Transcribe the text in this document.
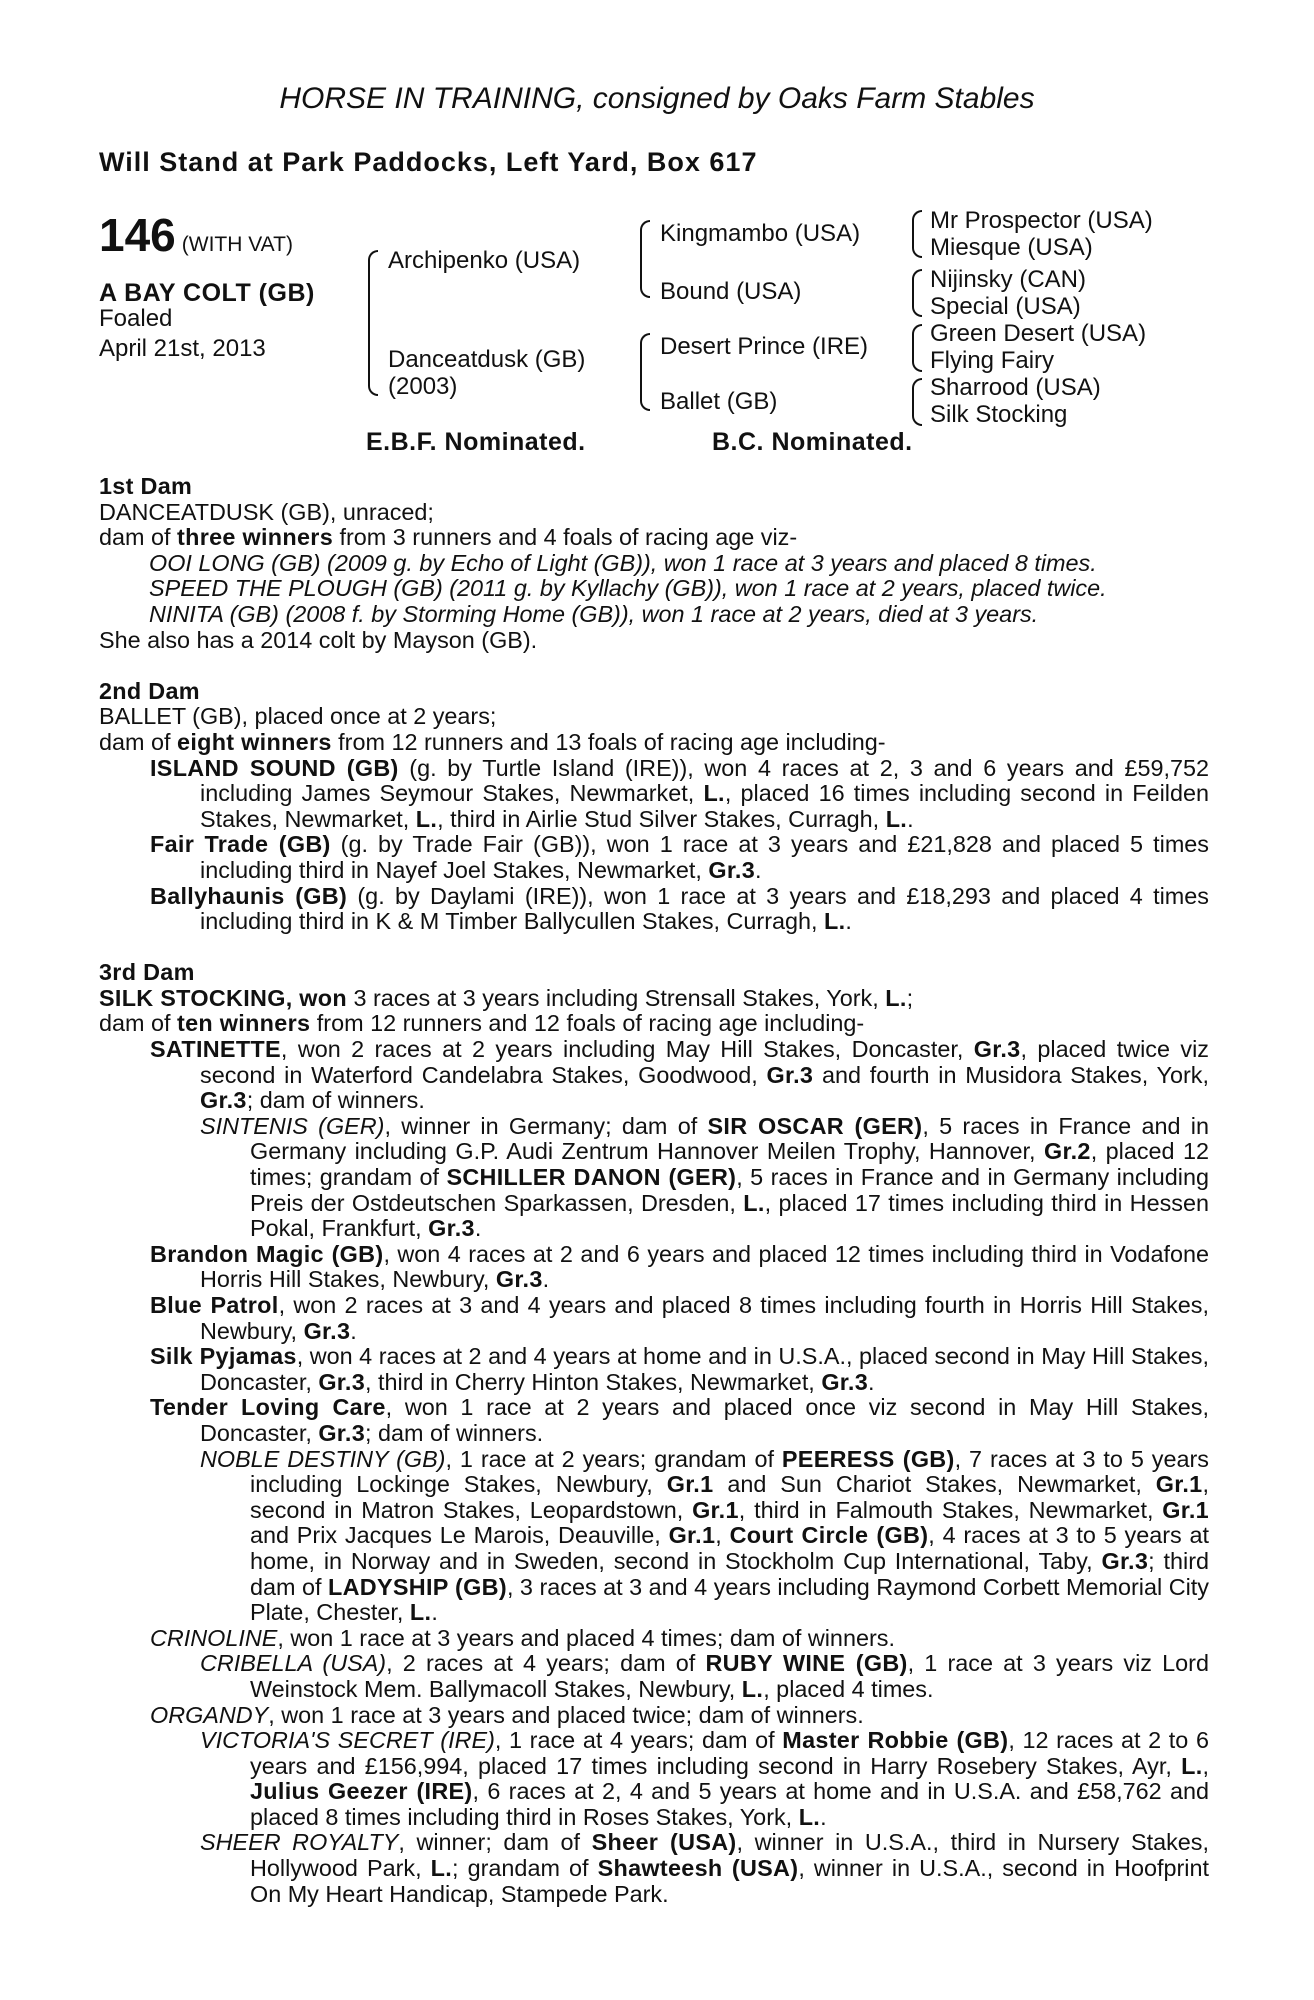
HORSE IN TRAINING, consigned by Oaks Farm Stables
Will Stand at Park Paddocks, Left Yard, Box 617
146 (WITH VAT)
A BAY COLT (GB)
Foaled
April 21st, 2013
Archipenko (USA)
Danceatdusk (GB)
(2003)
Kingmambo (USA)
Bound (USA)
Desert Prince (IRE)
Ballet (GB)
Mr Prospector (USA)
Miesque (USA)
Nijinsky (CAN)
Special (USA)
Green Desert (USA)
Flying Fairy
Sharrood (USA)
Silk Stocking
E.B.F. Nominated.	B.C. Nominated.

1st Dam

DANCEATDUSK (GB), unraced;

dam of three winners from 3 runners and 4 foals of racing age viz-

OOI LONG (GB) (2009 g. by Echo of Light (GB)), won 1 race at 3 years and placed 8 times.

SPEED THE PLOUGH (GB) (2011 g. by Kyllachy (GB)), won 1 race at 2 years, placed twice.

NINITA (GB) (2008 f. by Storming Home (GB)), won 1 race at 2 years, died at 3 years.

She also has a 2014 colt by Mayson (GB).

2nd Dam

BALLET (GB), placed once at 2 years;

dam of eight winners from 12 runners and 13 foals of racing age including-

ISLAND SOUND (GB) (g. by Turtle Island (IRE)), won 4 races at 2, 3 and 6 years and £59,752 including James Seymour Stakes, Newmarket, L., placed 16 times including second in Feilden Stakes, Newmarket, L., third in Airlie Stud Silver Stakes, Curragh, L..

Fair Trade (GB) (g. by Trade Fair (GB)), won 1 race at 3 years and £21,828 and placed 5 times including third in Nayef Joel Stakes, Newmarket, Gr.3.

Ballyhaunis (GB) (g. by Daylami (IRE)), won 1 race at 3 years and £18,293 and placed 4 times including third in K & M Timber Ballycullen Stakes, Curragh, L..

3rd Dam

SILK STOCKING, won 3 races at 3 years including Strensall Stakes, York, L.;

dam of ten winners from 12 runners and 12 foals of racing age including-

SATINETTE, won 2 races at 2 years including May Hill Stakes, Doncaster, Gr.3, placed twice viz second in Waterford Candelabra Stakes, Goodwood, Gr.3 and fourth in Musidora Stakes, York, Gr.3; dam of winners.

SINTENIS (GER), winner in Germany; dam of SIR OSCAR (GER), 5 races in France and in Germany including G.P. Audi Zentrum Hannover Meilen Trophy, Hannover, Gr.2, placed 12 times; grandam of SCHILLER DANON (GER), 5 races in France and in Germany including Preis der Ostdeutschen Sparkassen, Dresden, L., placed 17 times including third in Hessen Pokal, Frankfurt, Gr.3.

Brandon Magic (GB), won 4 races at 2 and 6 years and placed 12 times including third in Vodafone Horris Hill Stakes, Newbury, Gr.3.

Blue Patrol, won 2 races at 3 and 4 years and placed 8 times including fourth in Horris Hill Stakes, Newbury, Gr.3.

Silk Pyjamas, won 4 races at 2 and 4 years at home and in U.S.A., placed second in May Hill Stakes, Doncaster, Gr.3, third in Cherry Hinton Stakes, Newmarket, Gr.3.

Tender Loving Care, won 1 race at 2 years and placed once viz second in May Hill Stakes, Doncaster, Gr.3; dam of winners.

NOBLE DESTINY (GB), 1 race at 2 years; grandam of PEERESS (GB), 7 races at 3 to 5 years including Lockinge Stakes, Newbury, Gr.1 and Sun Chariot Stakes, Newmarket, Gr.1, second in Matron Stakes, Leopardstown, Gr.1, third in Falmouth Stakes, Newmarket, Gr.1 and Prix Jacques Le Marois, Deauville, Gr.1, Court Circle (GB), 4 races at 3 to 5 years at home, in Norway and in Sweden, second in Stockholm Cup International, Taby, Gr.3; third dam of LADYSHIP (GB), 3 races at 3 and 4 years including Raymond Corbett Memorial City Plate, Chester, L..

CRINOLINE, won 1 race at 3 years and placed 4 times; dam of winners.

CRIBELLA (USA), 2 races at 4 years; dam of RUBY WINE (GB), 1 race at 3 years viz Lord Weinstock Mem. Ballymacoll Stakes, Newbury, L., placed 4 times.

ORGANDY, won 1 race at 3 years and placed twice; dam of winners.

VICTORIA'S SECRET (IRE), 1 race at 4 years; dam of Master Robbie (GB), 12 races at 2 to 6 years and £156,994, placed 17 times including second in Harry Rosebery Stakes, Ayr, L., Julius Geezer (IRE), 6 races at 2, 4 and 5 years at home and in U.S.A. and £58,762 and placed 8 times including third in Roses Stakes, York, L..

SHEER ROYALTY, winner; dam of Sheer (USA), winner in U.S.A., third in Nursery Stakes, Hollywood Park, L.; grandam of Shawteesh (USA), winner in U.S.A., second in Hoofprint On My Heart Handicap, Stampede Park.
